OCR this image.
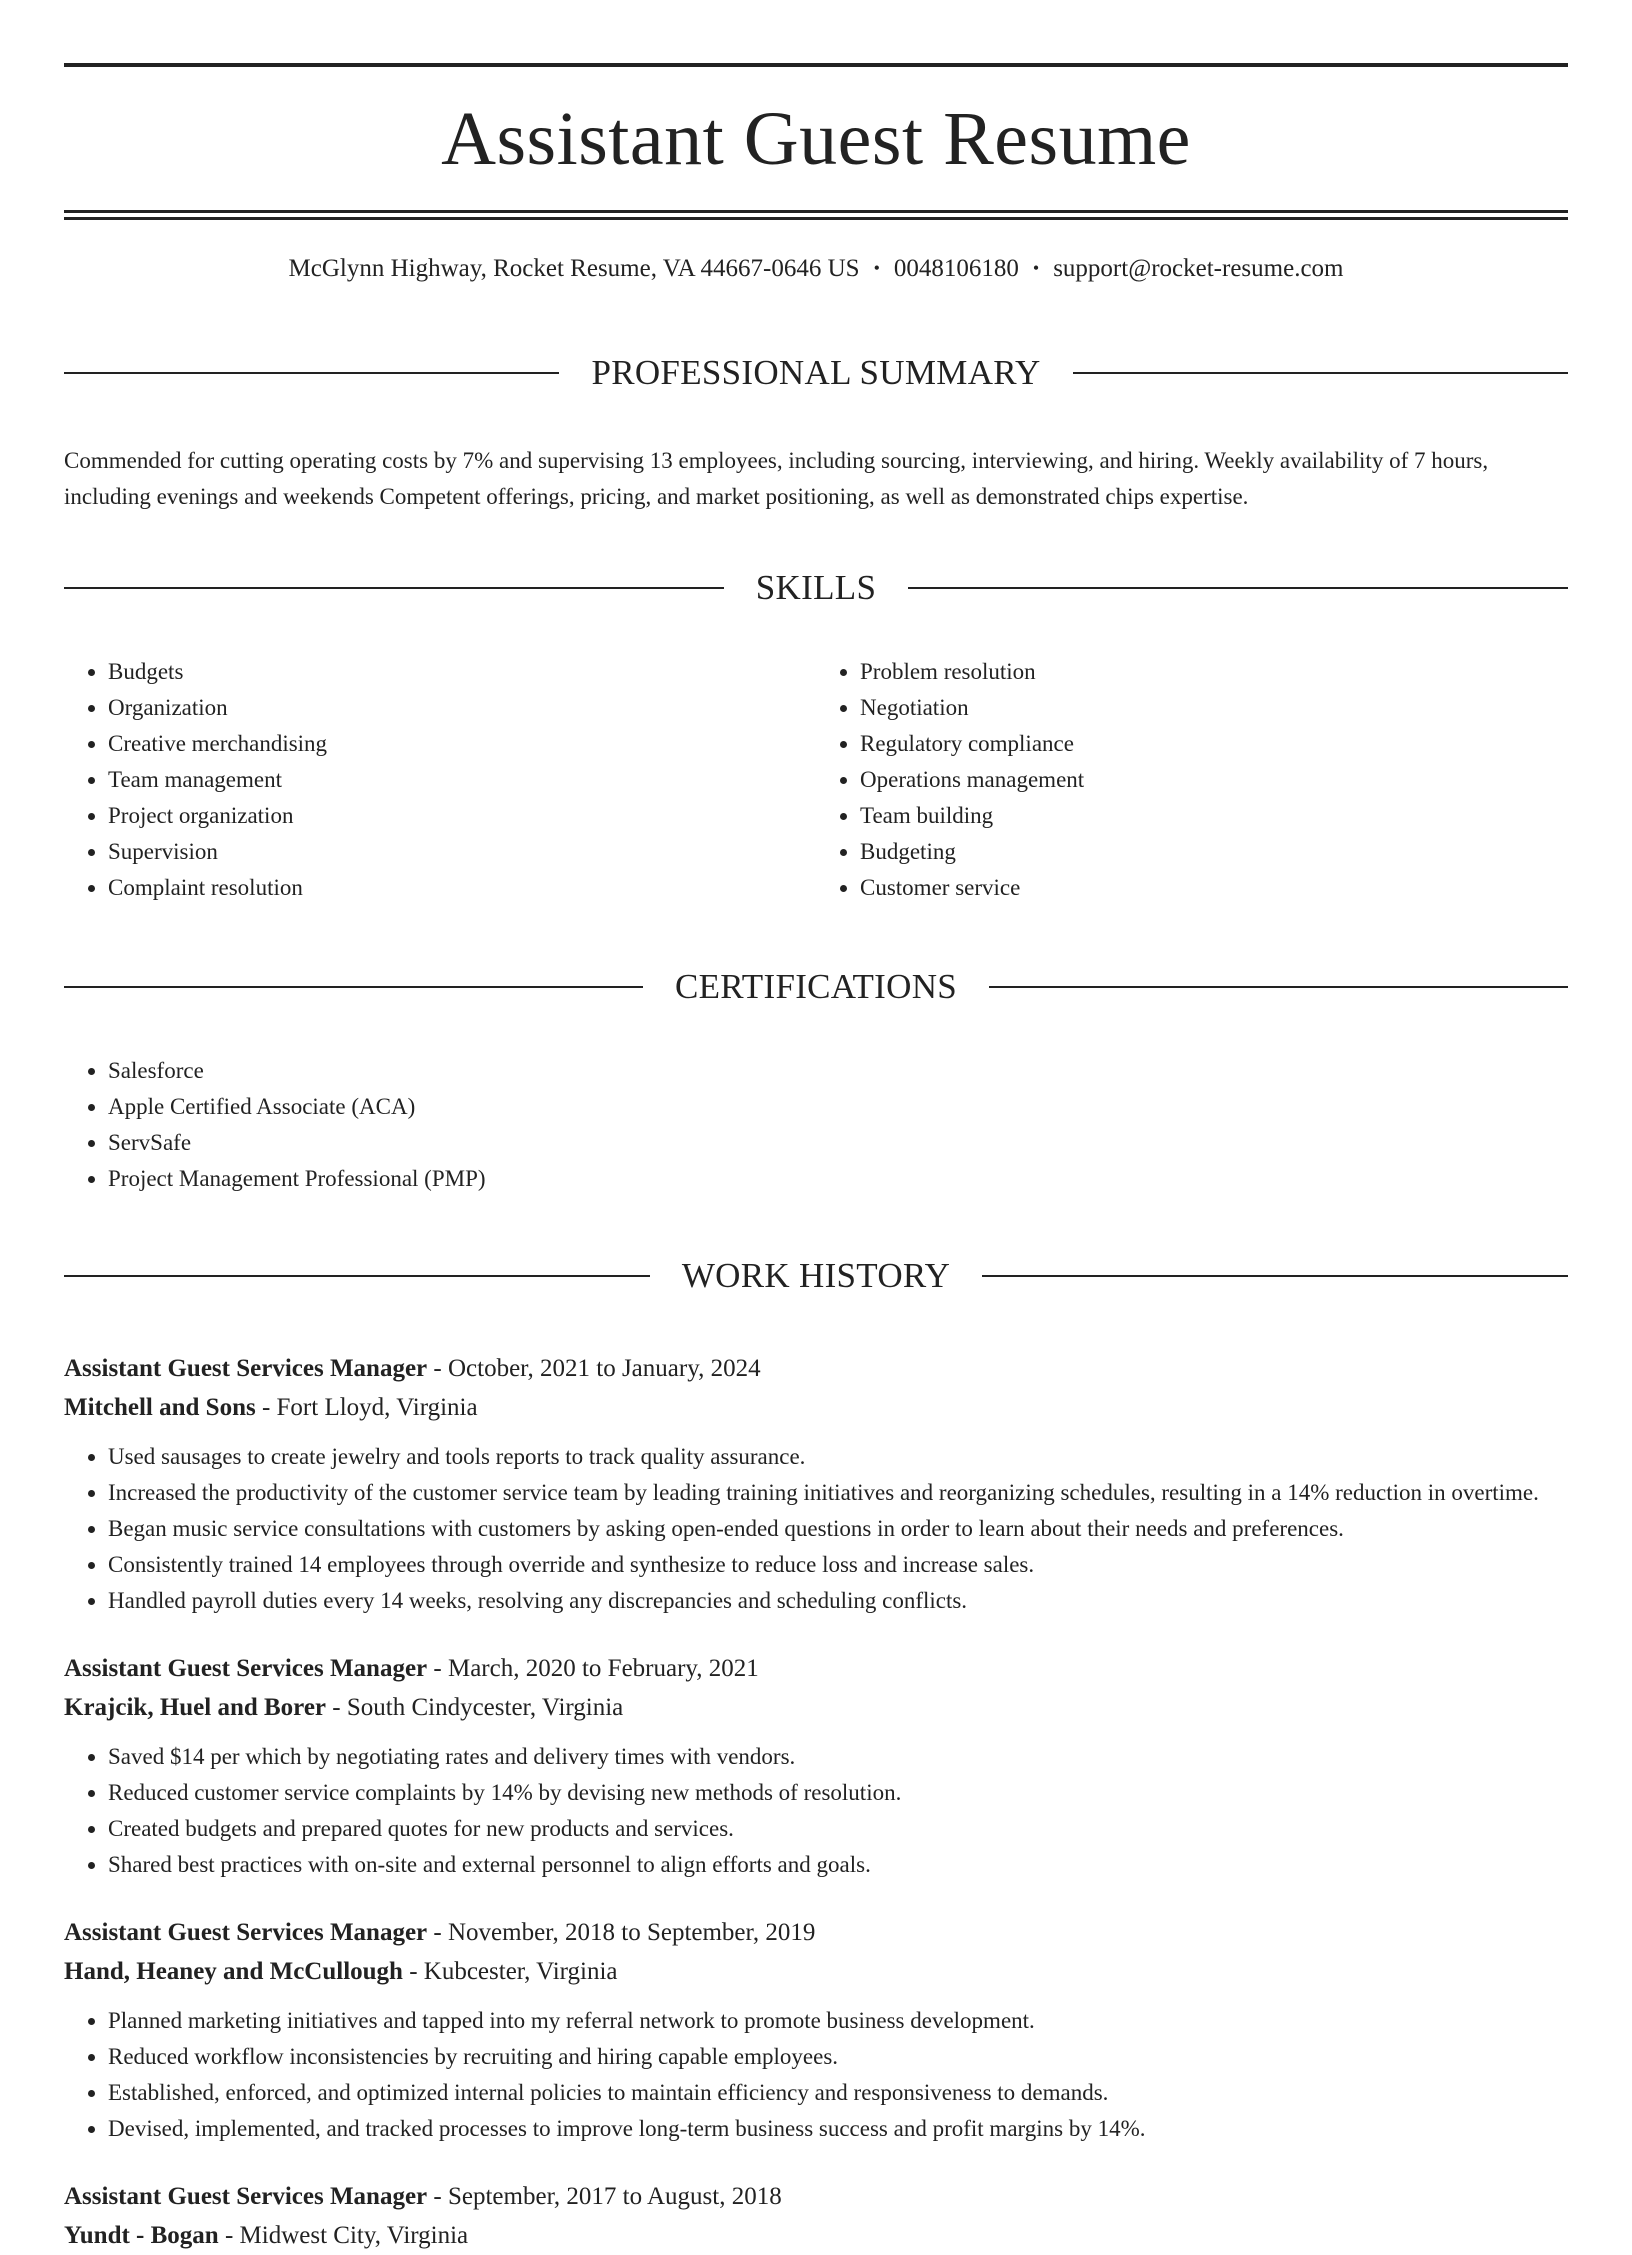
Assistant Guest Resume
McGlynn Highway, Rocket Resume, VA 44667-0646 US • 0048106180 • support@rocket-resume.com
PROFESSIONAL SUMMARY

Commended for cutting operating costs by 7% and supervising 13 employees, including sourcing, interviewing, and hiring. Weekly availability of 7 hours, including evenings and weekends Competent offerings, pricing, and market positioning, as well as demonstrated chips expertise.

SKILLS
• Budgets
• Organization
• Creative merchandising
• Team management
• Project organization
• Supervision
• Complaint resolution
• Problem resolution
• Negotiation
• Regulatory compliance
• Operations management
• Team building
• Budgeting
• Customer service
CERTIFICATIONS
• Salesforce
• Apple Certified Associate (ACA)
• ServSafe
• Project Management Professional (PMP)
WORK HISTORY
Assistant Guest Services Manager - October, 2021 to January, 2024
Mitchell and Sons - Fort Lloyd, Virginia
• Used sausages to create jewelry and tools reports to track quality assurance.
• Increased the productivity of the customer service team by leading training initiatives and reorganizing schedules, resulting in a 14% reduction in overtime.
• Began music service consultations with customers by asking open-ended questions in order to learn about their needs and preferences.
• Consistently trained 14 employees through override and synthesize to reduce loss and increase sales.
• Handled payroll duties every 14 weeks, resolving any discrepancies and scheduling conflicts.
Assistant Guest Services Manager - March, 2020 to February, 2021
Krajcik, Huel and Borer - South Cindycester, Virginia
• Saved $14 per which by negotiating rates and delivery times with vendors.
• Reduced customer service complaints by 14% by devising new methods of resolution.
• Created budgets and prepared quotes for new products and services.
• Shared best practices with on-site and external personnel to align efforts and goals.
Assistant Guest Services Manager - November, 2018 to September, 2019
Hand, Heaney and McCullough - Kubcester, Virginia
• Planned marketing initiatives and tapped into my referral network to promote business development.
• Reduced workflow inconsistencies by recruiting and hiring capable employees.
• Established, enforced, and optimized internal policies to maintain efficiency and responsiveness to demands.
• Devised, implemented, and tracked processes to improve long-term business success and profit margins by 14%.
Assistant Guest Services Manager - September, 2017 to August, 2018
Yundt - Bogan - Midwest City, Virginia
